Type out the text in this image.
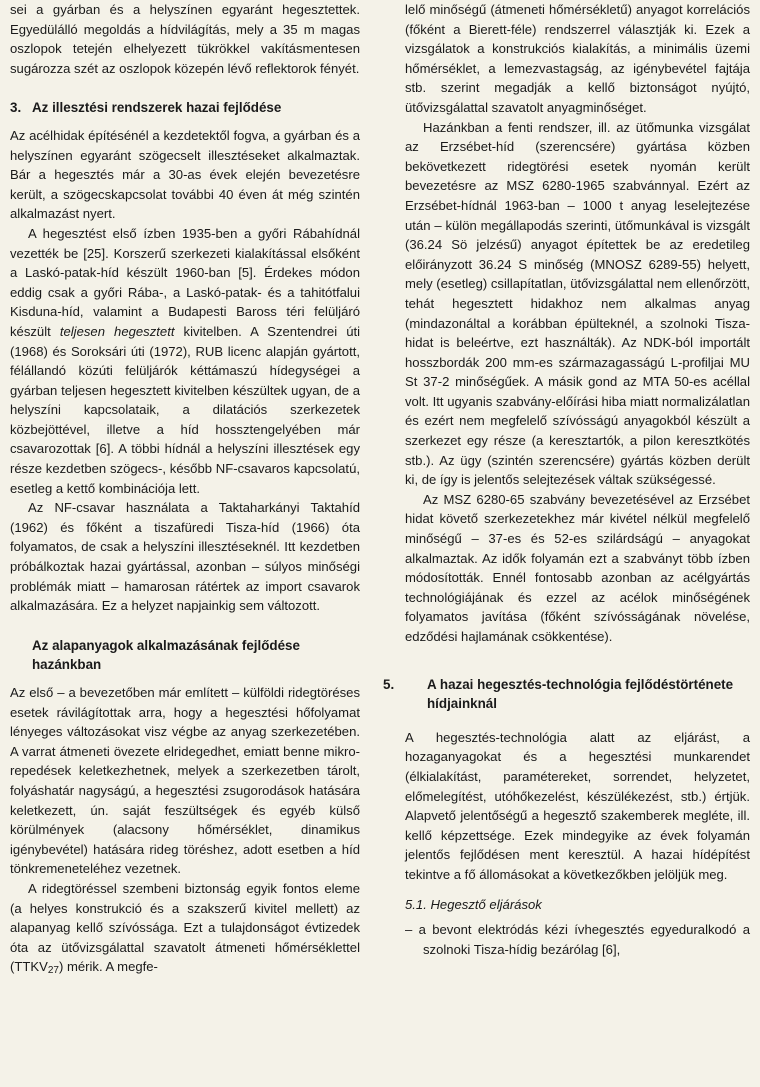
sei a gyárban és a helyszínen egyaránt hegesztettek. Egyedülálló megoldás a hídvilágítás, mely a 35 m magas oszlopok tetején elhelyezett tükrökkel vakításmentesen sugározza szét az oszlopok közepén lévő reflektorok fényét.

3. Az illesztési rendszerek hazai fejlődése

Az acélhidak építésénél a kezdetektől fogva, a gyárban és a helyszínen egyaránt szögecselt illesztéseket alkalmaztak. Bár a hegesztés már a 30-as évek elején bevezetésre került, a szögecskapcsolat további 40 éven át még szintén alkalmazást nyert.

A hegesztést első ízben 1935-ben a győri Rábahídnál vezették be [25]. Korszerű szerkezeti kialakítással elsőként a Laskó-patak-híd készült 1960-ban [5]. Érdekes módon eddig csak a győri Rába-, a Laskó-patak- és a tahitótfalui Kisduna-híd, valamint a Budapesti Baross téri felüljáró készült teljesen hegesztett kivitelben. A Szentendrei úti (1968) és Soroksári úti (1972), RUB licenc alapján gyártott, félállandó közúti felüljárók kéttámaszú hídegységei a gyárban teljesen hegesztett kivitelben készültek ugyan, de a helyszíni kapcsolataik, a dilatációs szerkezetek közbejöttével, illetve a híd hossztengelyében már csavarozottak [6]. A többi hídnál a helyszíni illesztések egy része kezdetben szögecs-, később NF-csavaros kapcsolatú, esetleg a kettő kombinációja lett.

Az NF-csavar használata a Taktaharkányi Taktahíd (1962) és főként a tiszafüredi Tisza-híd (1966) óta folyamatos, de csak a helyszíni illesztéseknél. Itt kezdetben próbálkoztak hazai gyártással, azonban – súlyos minőségi problémák miatt – hamarosan rátértek az import csavarok alkalmazására. Ez a helyzet napjainkig sem változott.

Az alapanyagok alkalmazásának fejlődése hazánkban

Az első – a bevezetőben már említett – külföldi ridegtöréses esetek rávilágítottak arra, hogy a hegesztési hőfolyamat lényeges változásokat visz végbe az anyag szerkezetében. A varrat átmeneti övezete elridegedhet, emiatt benne mikro-repedések keletkezhetnek, melyek a szerkezetben tárolt, folyáshatár nagyságú, a hegesztési zsugorodások hatására keletkezett, ún. saját feszültségek és egyéb külső körülmények (alacsony hőmérséklet, dinamikus igénybevétel) hatására rideg töréshez, adott esetben a híd tönkremeneteléhez vezetnek.

A ridegtöréssel szembeni biztonság egyik fontos eleme (a helyes konstrukció és a szakszerű kivitel mellett) az alapanyag kellő szívóssága. Ezt a tulajdonságot évtizedek óta az ütővizsgálattal szavatolt átmeneti hőmérséklettel (TTKV27) mérik. A megfe-

lelő minőségű (átmeneti hőmérsékletű) anyagot korrelációs (főként a Bierett-féle) rendszerrel választják ki. Ezek a vizsgálatok a konstrukciós kialakítás, a minimális üzemi hőmérséklet, a lemezvastagság, az igénybevétel fajtája stb. szerint megadják a kellő biztonságot nyújtó, ütővizsgálattal szavatolt anyagminőséget.

Hazánkban a fenti rendszer, ill. az ütőmunka vizsgálat az Erzsébet-híd (szerencsére) gyártása közben bekövetkezett ridegtörési esetek nyomán került bevezetésre az MSZ 6280-1965 szabvánnyal. Ezért az Erzsébet-hídnál 1963-ban – 1000 t anyag leselejtezése után – külön megállapodás szerinti, ütőmunkával is vizsgált (36.24 Sö jelzésű) anyagot építettek be az eredetileg előirányzott 36.24 S minőség (MNOSZ 6289-55) helyett, mely (esetleg) csillapítatlan, ütővizsgálattal nem ellenőrzött, tehát hegesztett hidakhoz nem alkalmas anyag (mindazonáltal a korábban épülteknél, a szolnoki Tisza-hidat is beleértve, ezt használták). Az NDK-ból importált hosszbordák 200 mm-es származagasságú L-profiljai MU St 37-2 minőségűek. A másik gond az MTA 50-es acéllal volt. Itt ugyanis szabvány-előírási hiba miatt normalizálatlan és ezért nem megfelelő szívósságú anyagokból készült a szerkezet egy része (a keresztartók, a pilon keresztkötés stb.). Az ügy (szintén szerencsére) gyártás közben derült ki, de így is jelentős selejtezések váltak szükségessé.

Az MSZ 6280-65 szabvány bevezetésével az Erzsébet hidat követő szerkezetekhez már kivétel nélkül megfelelő minőségű – 37-es és 52-es szilárdságú – anyagokat alkalmaztak. Az idők folyamán ezt a szabványt több ízben módosították. Ennél fontosabb azonban az acélgyártás technológiájának és ezzel az acélok minőségének folyamatos javítása (főként szívósságának növelése, edződési hajlamának csökkentése).

5. A hazai hegesztés-technológia fejlődéstörténete hídjainknál

A hegesztés-technológia alatt az eljárást, a hozaganyagokat és a hegesztési munkarendet (élkialakítást, paramétereket, sorrendet, helyzetet, előmelegítést, utóhőkezelést, készülékezést, stb.) értjük. Alapvető jelentőségű a hegesztő szakemberek megléte, ill. kellő képzettsége. Ezek mindegyike az évek folyamán jelentős fejlődésen ment keresztül. A hazai hídépítést tekintve a fő állomásokat a következőkben jelöljük meg.

5.1. Hegesztő eljárások

– a bevont elektródás kézi ívhegesztés egyeduralkodó a szolnoki Tisza-hídig bezárólag [6],
